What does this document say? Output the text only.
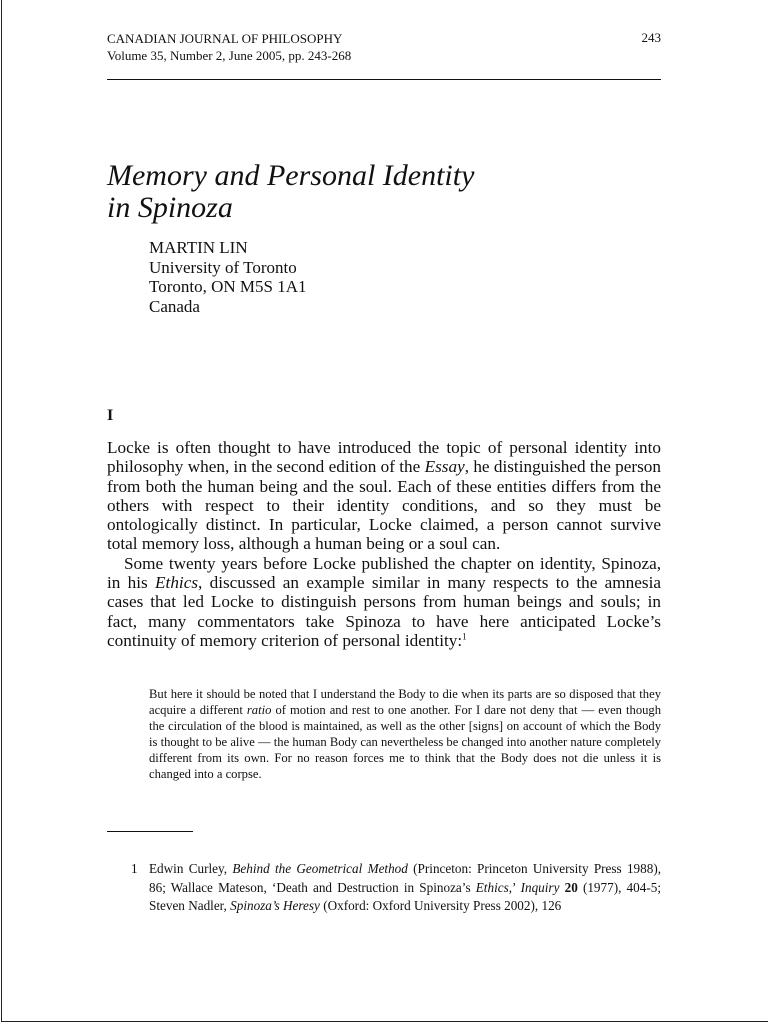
CANADIAN JOURNAL OF PHILOSOPHY
Volume 35, Number 2, June 2005, pp. 243-268
243
Memory and Personal Identity
in Spinoza
MARTIN LIN
University of Toronto
Toronto, ON M5S 1A1
Canada
I

Locke is often thought to have introduced the topic of personal identity into philosophy when, in the second edition of the Essay, he distinguished the person from both the human being and the soul. Each of these entities differs from the others with respect to their identity conditions, and so they must be ontologically distinct. In particular, Locke claimed, a person cannot survive total memory loss, although a human being or a soul can.

Some twenty years before Locke published the chapter on identity, Spinoza, in his Ethics, discussed an example similar in many respects to the amnesia cases that led Locke to distinguish persons from human beings and souls; in fact, many commentators take Spinoza to have here anticipated Locke’s continuity of memory criterion of personal identity:$^1$

But here it should be noted that I understand the Body to die when its parts are so disposed that they acquire a different ratio of motion and rest to one another. For I dare not deny that — even though the circulation of the blood is maintained, as well as the other [signs] on account of which the Body is thought to be alive — the human Body can nevertheless be changed into another nature completely different from its own. For no reason forces me to think that the Body does not die unless it is changed into a corpse.
1 Edwin Curley, Behind the Geometrical Method (Princeton: Princeton University Press 1988), 86; Wallace Mateson, ‘Death and Destruction in Spinoza’s Ethics,’ Inquiry 20 (1977), 404-5; Steven Nadler, Spinoza’s Heresy (Oxford: Oxford University Press 2002), 126
